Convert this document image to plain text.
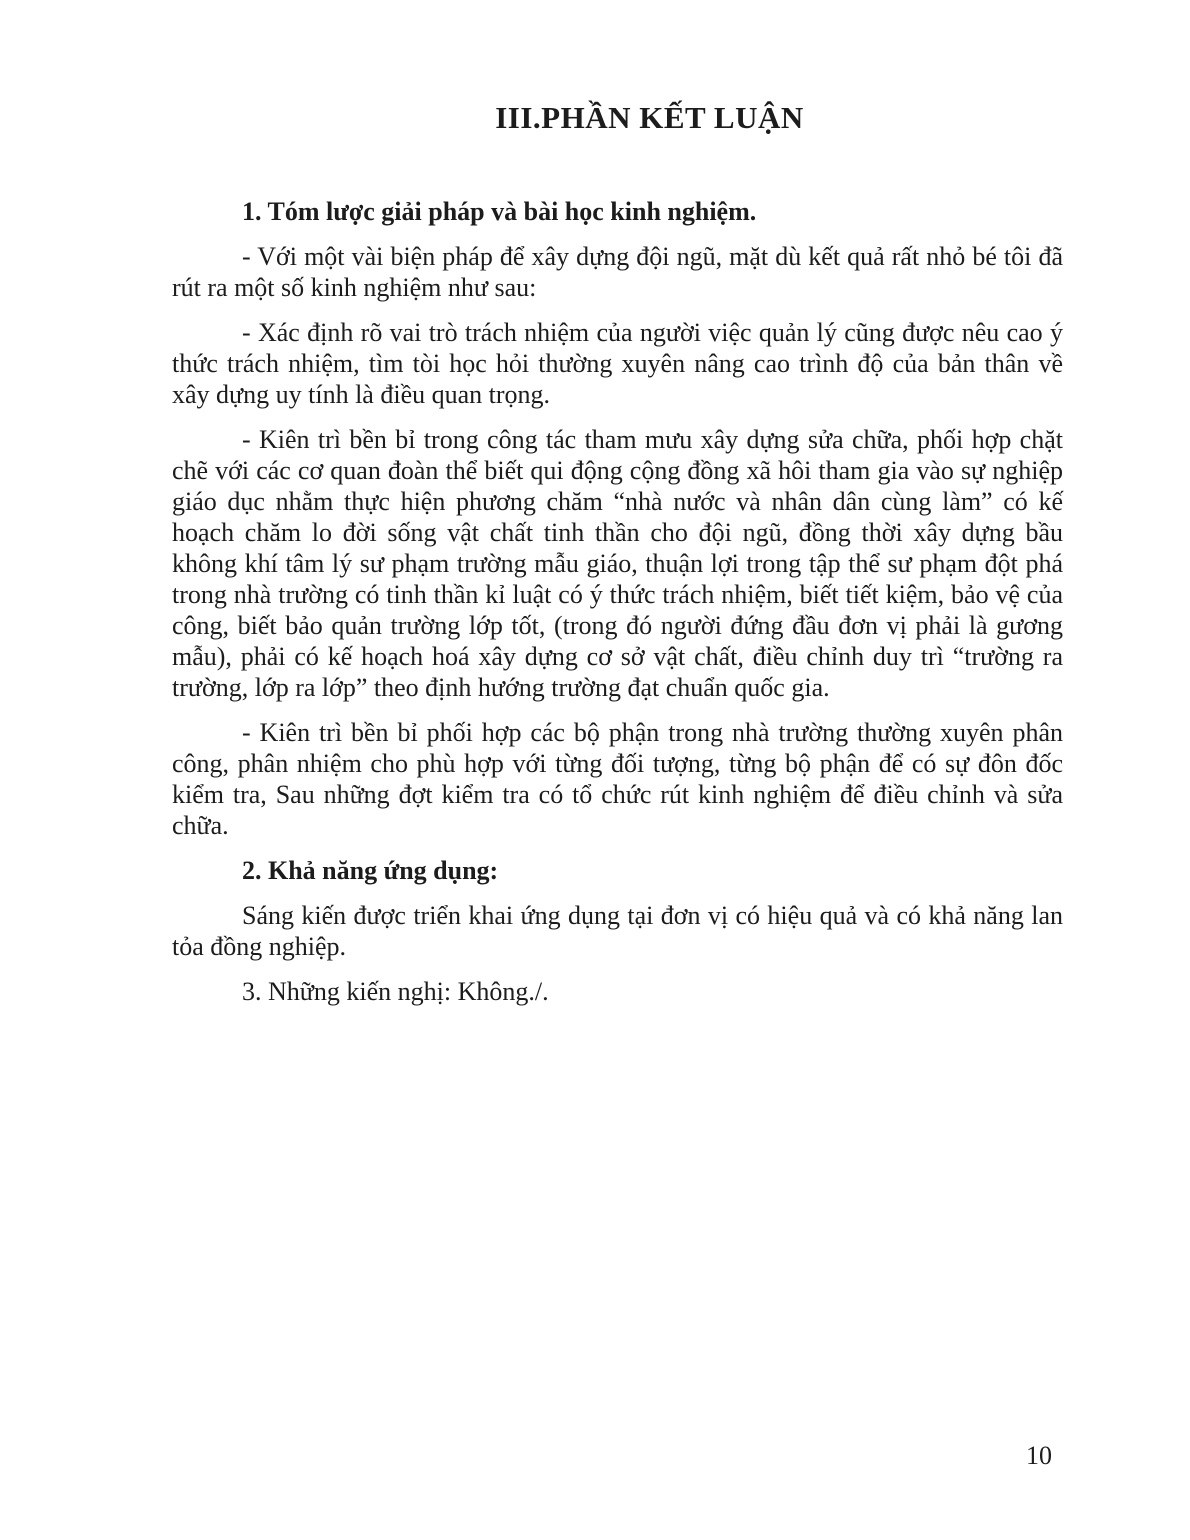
III.PHẦN KẾT LUẬN
1. Tóm lược giải pháp và bài học kinh nghiệm.

- Với một vài biện pháp để xây dựng đội ngũ, mặt dù kết quả rất nhỏ bé tôi đã rút ra một số kinh nghiệm như sau:

- Xác định rõ vai trò trách nhiệm của người việc quản lý cũng được nêu cao ý thức trách nhiệm, tìm tòi học hỏi thường xuyên nâng cao trình độ của bản thân về xây dựng uy tính là điều quan trọng.

- Kiên trì bền bỉ trong công tác tham mưu xây dựng sửa chữa, phối hợp chặt chẽ với các cơ quan đoàn thể biết qui động cộng đồng xã hôi tham gia vào sự nghiệp giáo dục nhằm thực hiện phương chăm “nhà nước và nhân dân cùng làm” có kế hoạch chăm lo đời sống vật chất tinh thần cho đội ngũ, đồng thời xây dựng bầu không khí tâm lý sư phạm trường mẫu giáo, thuận lợi trong tập thể sư phạm đột phá trong nhà trường có tinh thần kỉ luật có ý thức trách nhiệm, biết tiết kiệm, bảo vệ của công, biết bảo quản trường lớp tốt, (trong đó người đứng đầu đơn vị phải là gương mẫu), phải có kế hoạch hoá xây dựng cơ sở vật chất, điều chỉnh duy trì “trường ra trường, lớp ra lớp” theo định hướng trường đạt chuẩn quốc gia.

- Kiên trì bền bỉ phối hợp các bộ phận trong nhà trường thường xuyên phân công, phân nhiệm cho phù hợp với từng đối tượng, từng bộ phận để có sự đôn đốc kiểm tra, Sau những đợt kiểm tra có tổ chức rút kinh nghiệm để điều chỉnh và sửa chữa.

2. Khả năng ứng dụng:

Sáng kiến được triển khai ứng dụng tại đơn vị có hiệu quả và có khả năng lan tỏa đồng nghiệp.

3. Những kiến nghị: Không./.

10
